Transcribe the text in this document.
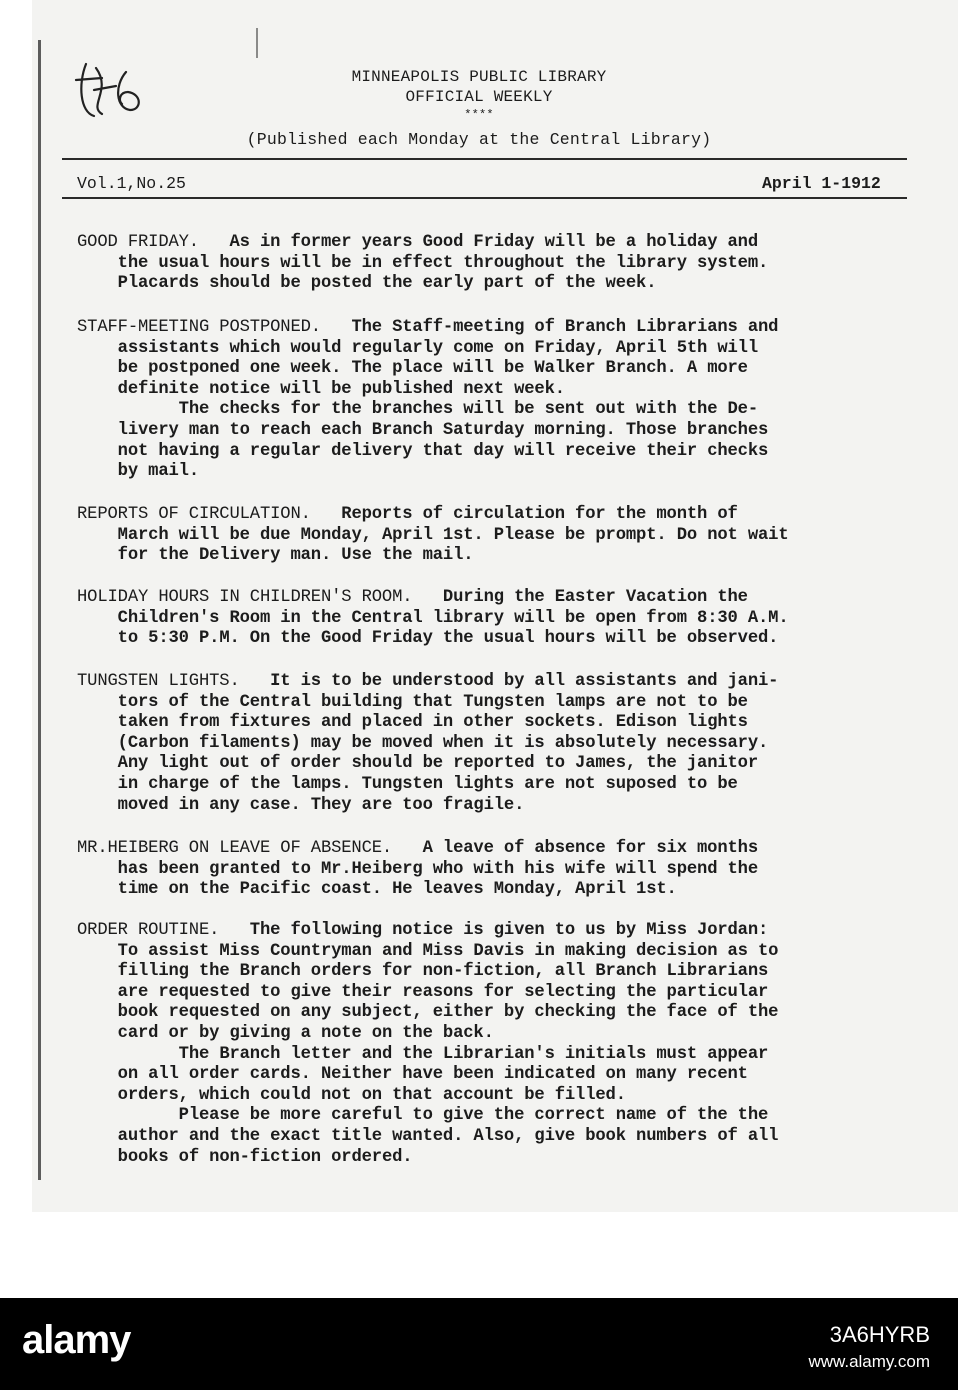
MINNEAPOLIS PUBLIC LIBRARY
OFFICIAL WEEKLY
****
(Published each Monday at the Central Library)
Vol.1,No.25	April 1-1912
GOOD FRIDAY.   As in former years Good Friday will be a holiday and
the usual hours will be in effect throughout the library system.
Placards should be posted the early part of the week.
STAFF-MEETING POSTPONED.   The Staff-meeting of Branch Librarians and
assistants which would regularly come on Friday, April 5th will
be postponed one week. The place will be Walker Branch. A more
definite notice will be published next week.
The checks for the branches will be sent out with the De-
livery man to reach each Branch Saturday morning. Those branches
not having a regular delivery that day will receive their checks
by mail.
REPORTS OF CIRCULATION.   Reports of circulation for the month of
March will be due Monday, April 1st. Please be prompt. Do not wait
for the Delivery man. Use the mail.
HOLIDAY HOURS IN CHILDREN'S ROOM.   During the Easter Vacation the
Children's Room in the Central library will be open from 8:30 A.M.
to 5:30 P.M. On the Good Friday the usual hours will be observed.
TUNGSTEN LIGHTS.   It is to be understood by all assistants and jani-
tors of the Central building that Tungsten lamps are not to be
taken from fixtures and placed in other sockets. Edison lights
(Carbon filaments) may be moved when it is absolutely necessary.
Any light out of order should be reported to James, the janitor
in charge of the lamps. Tungsten lights are not suposed to be
moved in any case. They are too fragile.
MR.HEIBERG ON LEAVE OF ABSENCE.   A leave of absence for six months
has been granted to Mr.Heiberg who with his wife will spend the
time on the Pacific coast. He leaves Monday, April 1st.
ORDER ROUTINE.   The following notice is given to us by Miss Jordan:
To assist Miss Countryman and Miss Davis in making decision as to
filling the Branch orders for non-fiction, all Branch Librarians
are requested to give their reasons for selecting the particular
book requested on any subject, either by checking the face of the
card or by giving a note on the back.
The Branch letter and the Librarian's initials must appear
on all order cards. Neither have been indicated on many recent
orders, which could not on that account be filled.
Please be more careful to give the correct name of the the
author and the exact title wanted. Also, give book numbers of all
books of non-fiction ordered.
alamy	3A6HYRB
www.alamy.com
